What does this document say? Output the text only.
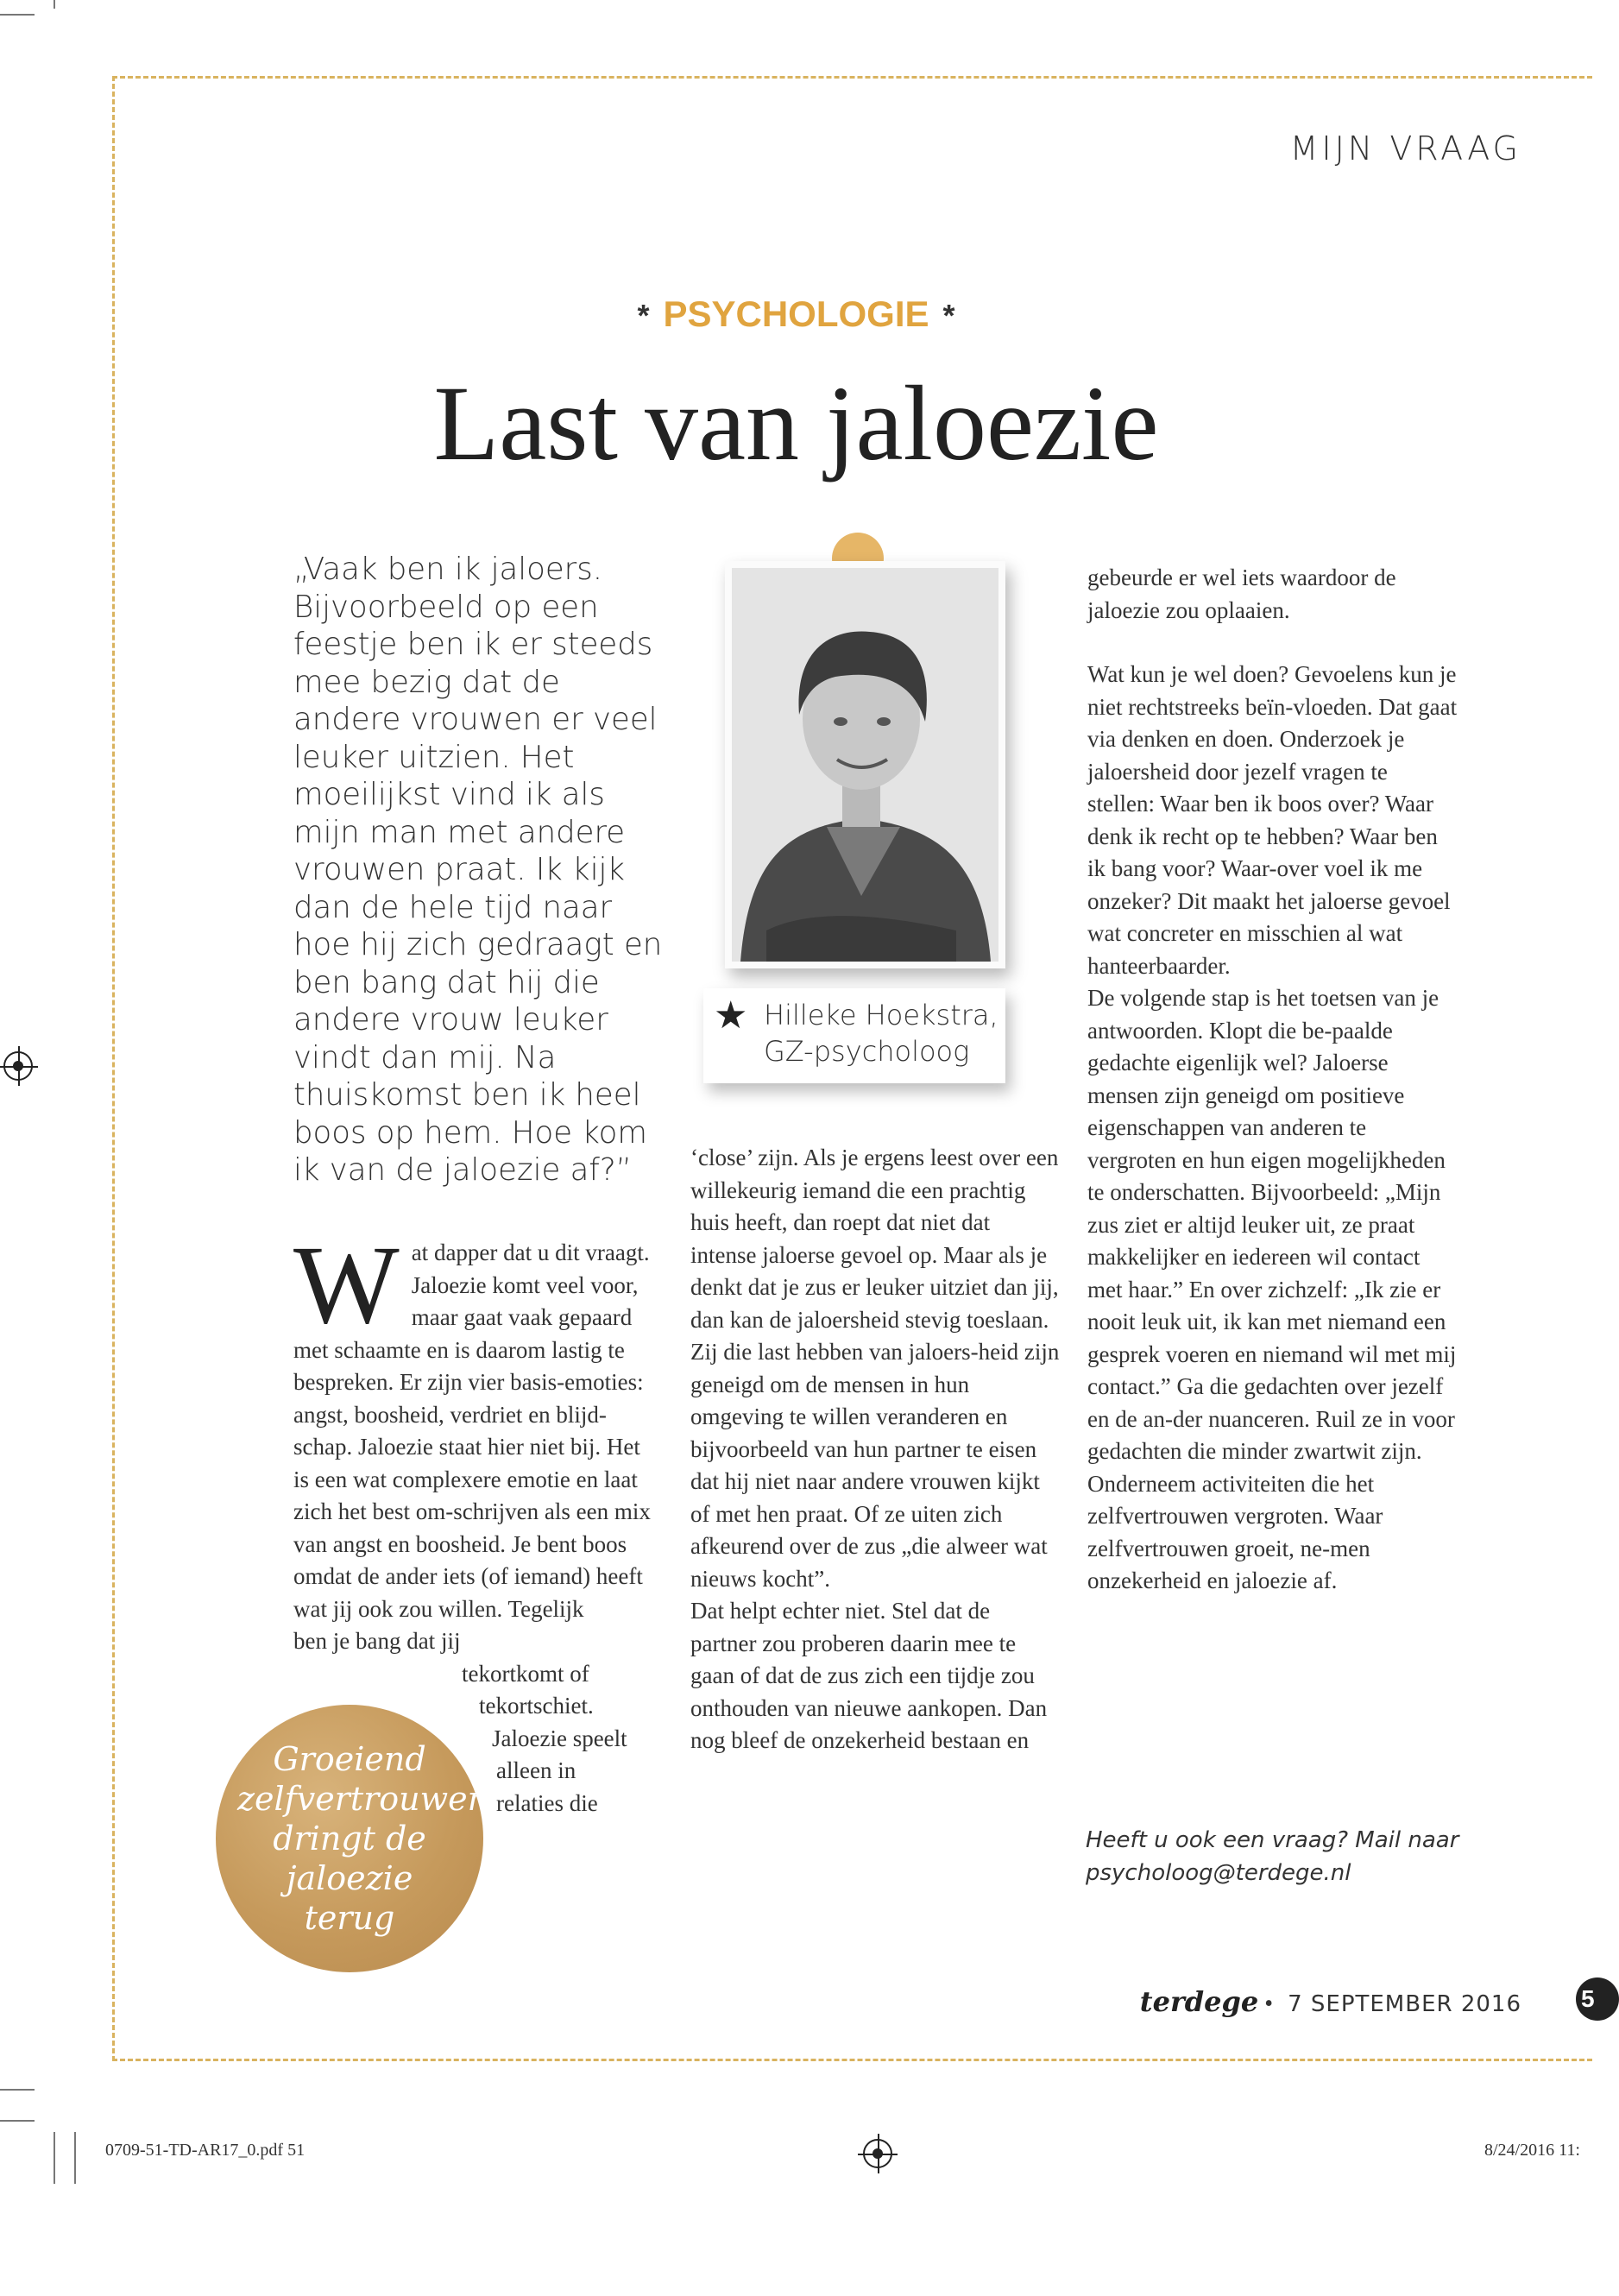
MIJN VRAAG
* PSYCHOLOGIE *
Last van jaloezie
„Vaak ben ik jaloers. Bijvoorbeeld op een feestje ben ik er steeds mee bezig dat de andere vrouwen er veel leuker uitzien. Het moeilijkst vind ik als mijn man met andere vrouwen praat. Ik kijk dan de hele tijd naar hoe hij zich gedraagt en ben bang dat hij die andere vrouw leuker vindt dan mij. Na thuiskomst ben ik heel boos op hem. Hoe kom ik van de jaloezie af?”

Wat dapper dat u dit vraagt. Jaloezie komt veel voor, maar gaat vaak gepaard met schaamte en is daarom lastig te bespreken. Er zijn vier basis-emoties: angst, boosheid, verdriet en blijd-schap. Jaloezie staat hier niet bij. Het is een wat complexere emotie en laat zich het best om-schrijven als een mix van angst en boosheid. Je bent boos omdat de ander iets (of iemand) heeft wat jij ook zou willen. Tegelijk

ben je bang dat jij

tekortkomt of

tekortschiet.

Jaloezie speelt

alleen in

relaties die

★ Hilleke Hoekstra,
GZ-psycholoog

‘close’ zijn. Als je ergens leest over een willekeurig iemand die een prachtig huis heeft, dan roept dat niet dat intense jaloerse gevoel op. Maar als je denkt dat je zus er leuker uitziet dan jij, dan kan de jaloersheid stevig toeslaan.

Zij die last hebben van jaloers-heid zijn geneigd om de mensen in hun omgeving te willen veranderen en bijvoorbeeld van hun partner te eisen dat hij niet naar andere vrouwen kijkt of met hen praat. Of ze uiten zich afkeurend over de zus „die alweer wat nieuws kocht”.

Dat helpt echter niet. Stel dat de partner zou proberen daarin mee te gaan of dat de zus zich een tijdje zou onthouden van nieuwe aankopen. Dan nog bleef de onzekerheid bestaan en

gebeurde er wel iets waardoor de jaloezie zou oplaaien.

Wat kun je wel doen? Gevoelens kun je niet rechtstreeks beïn-vloeden. Dat gaat via denken en doen. Onderzoek je jaloersheid door jezelf vragen te stellen: Waar ben ik boos over? Waar denk ik recht op te hebben? Waar ben ik bang voor? Waar-over voel ik me onzeker? Dit maakt het jaloerse gevoel wat concreter en misschien al wat hanteerbaarder.

De volgende stap is het toetsen van je antwoorden. Klopt die be-paalde gedachte eigenlijk wel? Jaloerse mensen zijn geneigd om positieve eigenschappen van anderen te vergroten en hun eigen mogelijkheden te onderschatten. Bijvoorbeeld: „Mijn zus ziet er altijd leuker uit, ze praat makkelijker en iedereen wil contact met haar.” En over zichzelf: „Ik zie er nooit leuk uit, ik kan met niemand een gesprek voeren en niemand wil met mij contact.” Ga die gedachten over jezelf en de an-der nuanceren. Ruil ze in voor gedachten die minder zwartwit zijn. Onderneem activiteiten die het zelfvertrouwen vergroten. Waar zelfvertrouwen groeit, ne-men onzekerheid en jaloezie af.

Heeft u ook een vraag? Mail naar psycholoog@terdege.nl
Groeiend zelfvertrouwen dringt de jaloezie terug
terdege • 7 SEPTEMBER 2016 5
0709-51-TD-AR17_0.pdf 51	8/24/2016 11:
